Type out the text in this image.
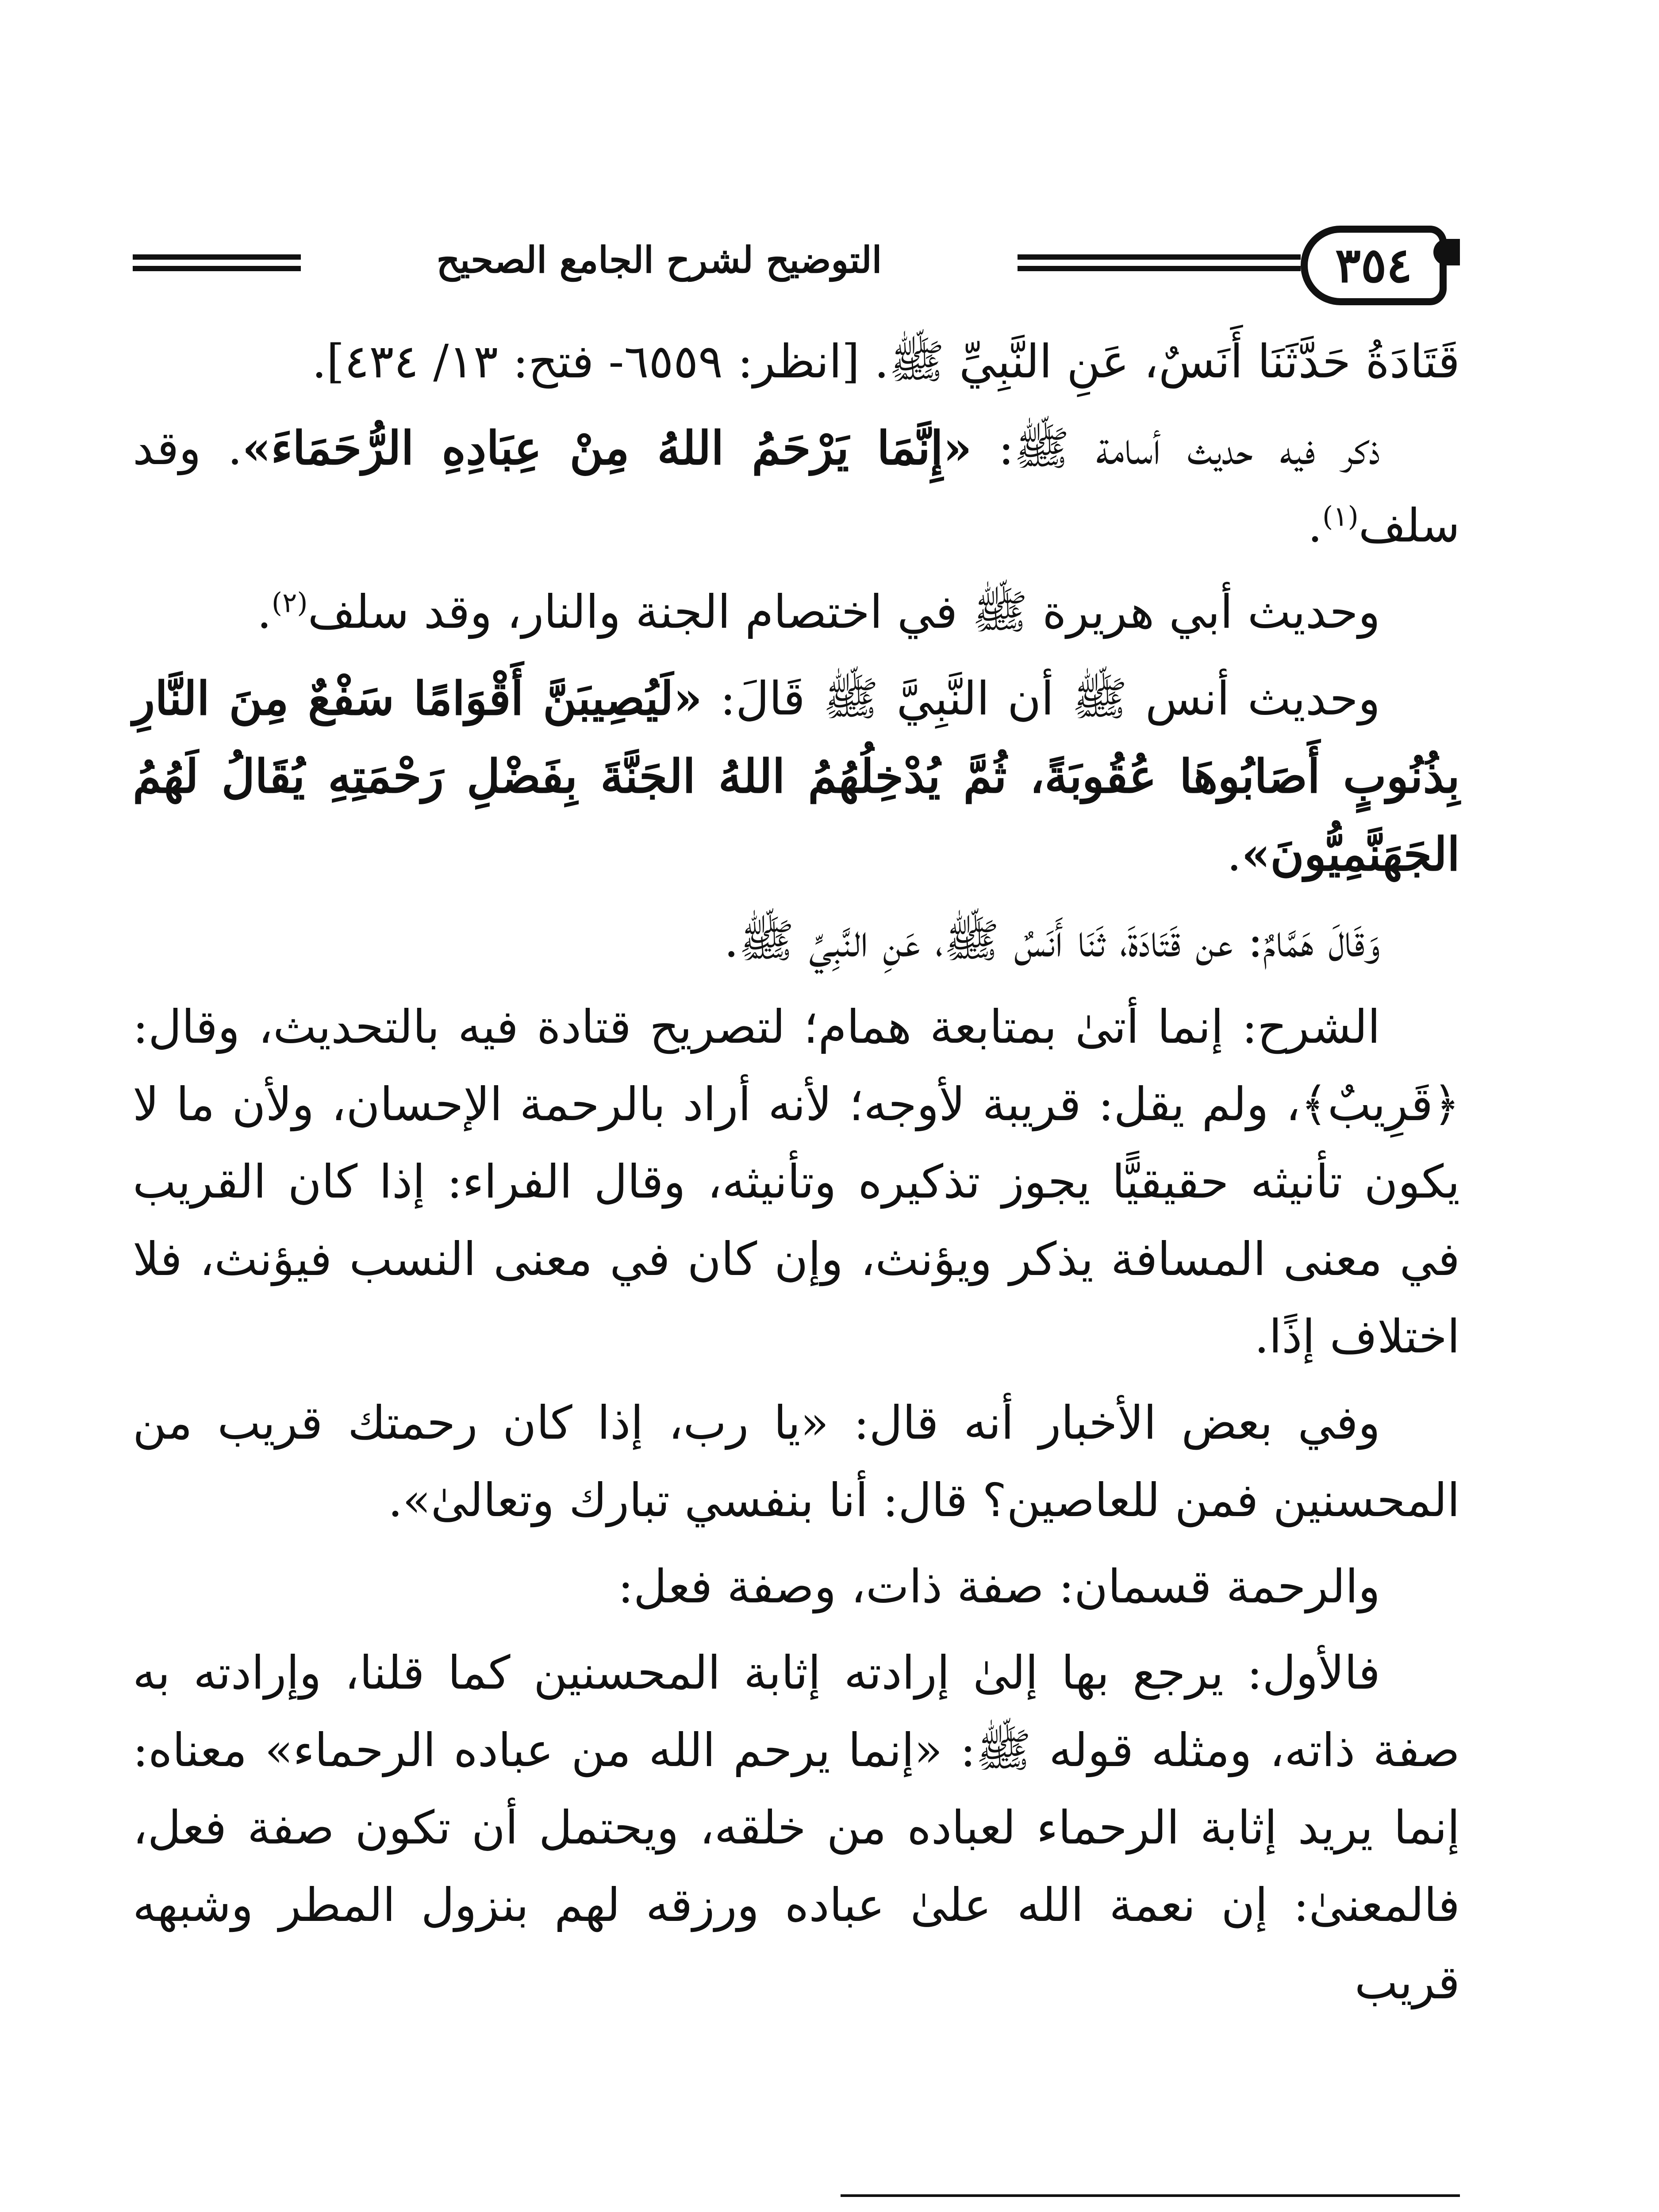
٣٥٤
التوضيح لشرح الجامع الصحيح

قَتَادَةُ حَدَّثَنَا أَنَسٌ، عَنِ النَّبِيِّ ﷺ. [انظر: ٦٥٥٩- فتح: ١٣/ ٤٣٤].

ذكر فيه حديث أسامة ﷺ: «إِنَّمَا يَرْحَمُ اللهُ مِنْ عِبَادِهِ الرُّحَمَاءَ». وقد سلف$^{(١)}$.

وحديث أبي هريرة ﷺ في اختصام الجنة والنار، وقد سلف$^{(٢)}$.

وحديث أنس ﷺ أن النَّبِيَّ ﷺ قَالَ: «لَيُصِيبَنَّ أَقْوَامًا سَفْعٌ مِنَ النَّارِ بِذُنُوبٍ أَصَابُوهَا عُقُوبَةً، ثُمَّ يُدْخِلُهُمُ اللهُ الجَنَّةَ بِفَضْلِ رَحْمَتِهِ يُقَالُ لَهُمُ الجَهَنَّمِيُّونَ».

وَقَالَ هَمَّامٌ: عن قَتَادَةَ، ثَنَا أَنَسٌ ﷺ، عَنِ النَّبِيِّ ﷺ.

الشرح: إنما أتىٰ بمتابعة همام؛ لتصريح قتادة فيه بالتحديث، وقال: ﴿قَرِيبٌ﴾، ولم يقل: قريبة لأوجه؛ لأنه أراد بالرحمة الإحسان، ولأن ما لا يكون تأنيثه حقيقيًّا يجوز تذكيره وتأنيثه، وقال الفراء: إذا كان القريب في معنى المسافة يذكر ويؤنث، وإن كان في معنى النسب فيؤنث، فلا اختلاف إذًا.

وفي بعض الأخبار أنه قال: «يا رب، إذا كان رحمتك قريب من المحسنين فمن للعاصين؟ قال: أنا بنفسي تبارك وتعالىٰ».

والرحمة قسمان: صفة ذات، وصفة فعل:

فالأول: يرجع بها إلىٰ إرادته إثابة المحسنين كما قلنا، وإرادته به صفة ذاته، ومثله قوله ﷺ: «إنما يرحم الله من عباده الرحماء» معناه: إنما يريد إثابة الرحماء لعباده من خلقه، ويحتمل أن تكون صفة فعل، فالمعنىٰ: إن نعمة الله علىٰ عباده ورزقه لهم بنزول المطر وشبهه قريب
